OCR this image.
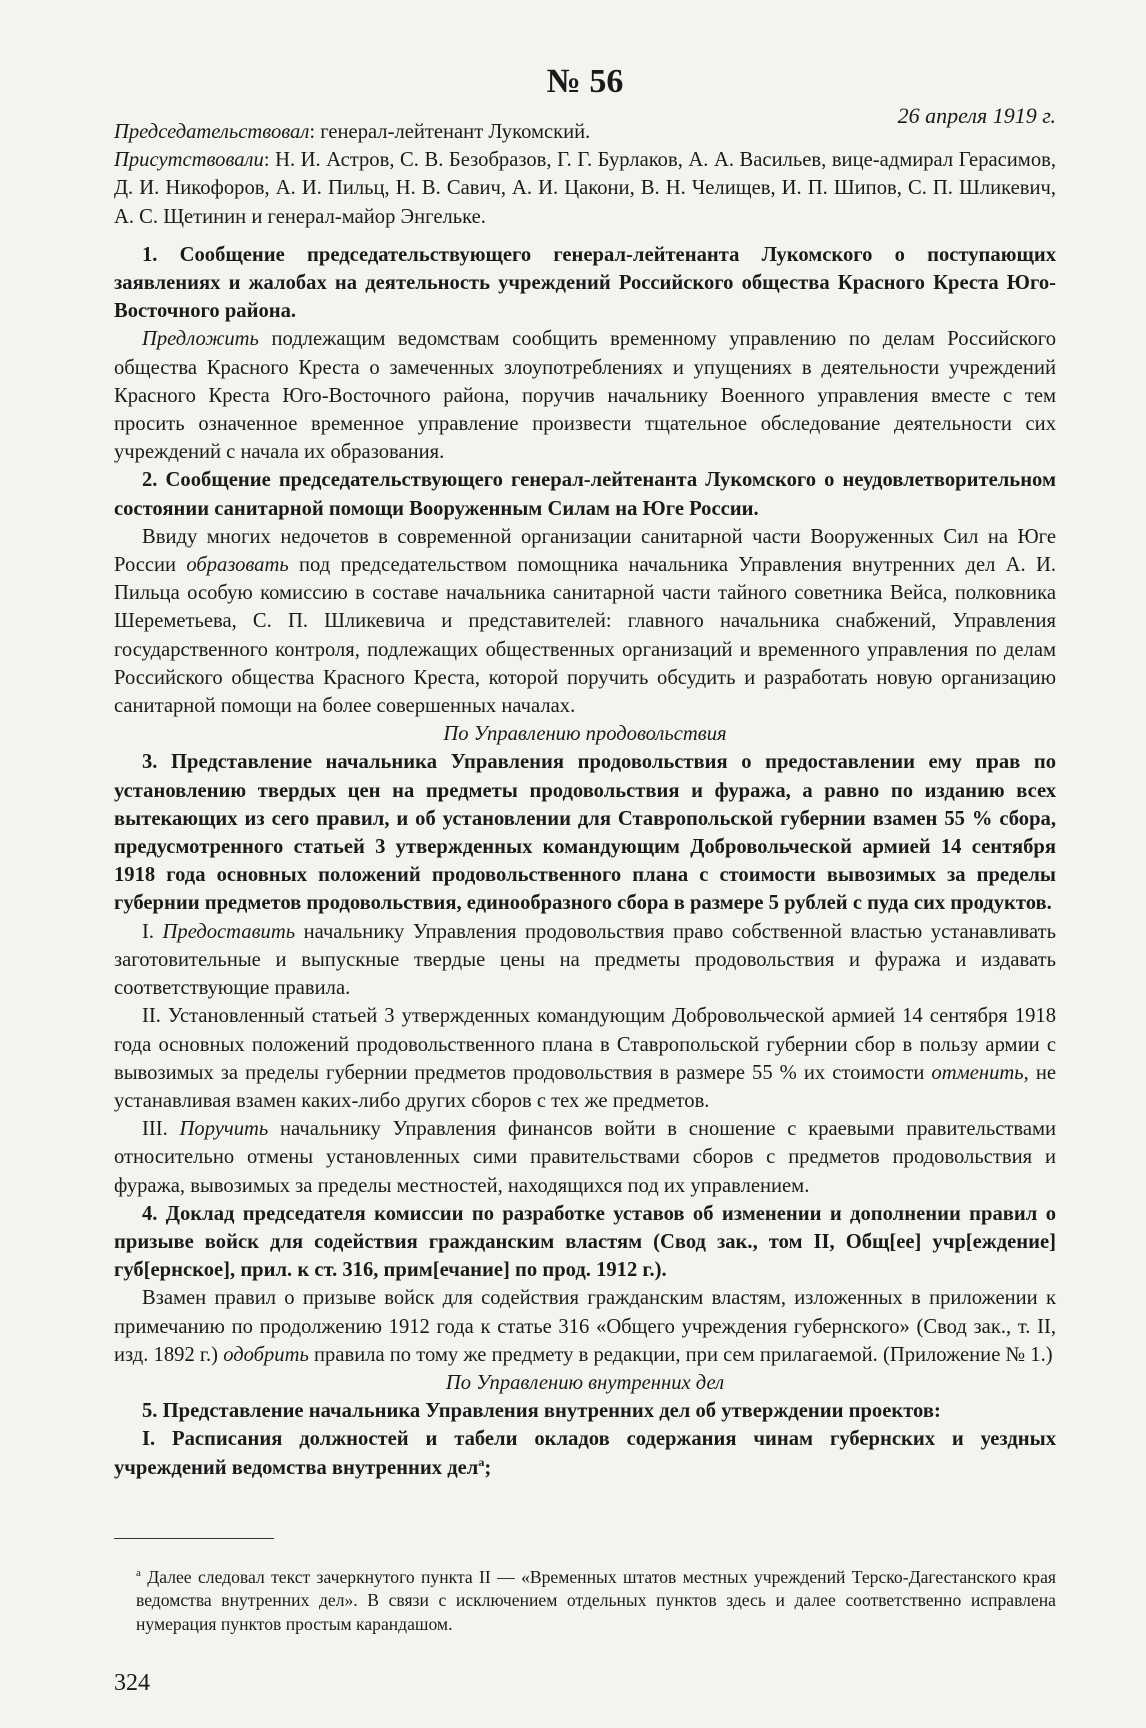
№ 56
26 апреля 1919 г.

Председательствовал: генерал-лейтенант Лукомский.

Присутствовали: Н. И. Астров, С. В. Безобразов, Г. Г. Бурлаков, А. А. Васильев, вице-адмирал Герасимов, Д. И. Никофоров, А. И. Пильц, Н. В. Савич, А. И. Цакони, В. Н. Челищев, И. П. Шипов, С. П. Шликевич, А. С. Щетинин и генерал-майор Энгельке.

1. Сообщение председательствующего генерал-лейтенанта Лукомского о поступающих заявлениях и жалобах на деятельность учреждений Российского общества Красного Креста Юго-Восточного района.

Предложить подлежащим ведомствам сообщить временному управлению по делам Российского общества Красного Креста о замеченных злоупотреблениях и упущениях в деятельности учреждений Красного Креста Юго-Восточного района, поручив начальнику Военного управления вместе с тем просить означенное временное управление произвести тщательное обследование деятельности сих учреждений с начала их образования.

2. Сообщение председательствующего генерал-лейтенанта Лукомского о неудовлетворительном состоянии санитарной помощи Вооруженным Силам на Юге России.

Ввиду многих недочетов в современной организации санитарной части Вооруженных Сил на Юге России образовать под председательством помощника начальника Управления внутренних дел А. И. Пильца особую комиссию в составе начальника санитарной части тайного советника Вейса, полковника Шереметьева, С. П. Шликевича и представителей: главного начальника снабжений, Управления государственного контроля, подлежащих общественных организаций и временного управления по делам Российского общества Красного Креста, которой поручить обсудить и разработать новую организацию санитарной помощи на более совершенных началах.

По Управлению продовольствия

3. Представление начальника Управления продовольствия о предоставлении ему прав по установлению твердых цен на предметы продовольствия и фуража, а равно по изданию всех вытекающих из сего правил, и об установлении для Ставропольской губернии взамен 55 % сбора, предусмотренного статьей 3 утвержденных командующим Добровольческой армией 14 сентября 1918 года основных положений продовольственного плана с стоимости вывозимых за пределы губернии предметов продовольствия, единообразного сбора в размере 5 рублей с пуда сих продуктов.

I. Предоставить начальнику Управления продовольствия право собственной властью устанавливать заготовительные и выпускные твердые цены на предметы продовольствия и фуража и издавать соответствующие правила.

II. Установленный статьей 3 утвержденных командующим Добровольческой армией 14 сентября 1918 года основных положений продовольственного плана в Ставропольской губернии сбор в пользу армии с вывозимых за пределы губернии предметов продовольствия в размере 55 % их стоимости отменить, не устанавливая взамен каких-либо других сборов с тех же предметов.

III. Поручить начальнику Управления финансов войти в сношение с краевыми правительствами относительно отмены установленных сими правительствами сборов с предметов продовольствия и фуража, вывозимых за пределы местностей, находящихся под их управлением.

4. Доклад председателя комиссии по разработке уставов об изменении и дополнении правил о призыве войск для содействия гражданским властям (Свод зак., том II, Общ[ее] учр[еждение] губ[ернское], прил. к ст. 316, прим[ечание] по прод. 1912 г.).

Взамен правил о призыве войск для содействия гражданским властям, изложенных в приложении к примечанию по продолжению 1912 года к статье 316 «Общего учреждения губернского» (Свод зак., т. II, изд. 1892 г.) одобрить правила по тому же предмету в редакции, при сем прилагаемой. (Приложение № 1.)

По Управлению внутренних дел

5. Представление начальника Управления внутренних дел об утверждении проектов:

I. Расписания должностей и табели окладов содержания чинам губернских и уездных учреждений ведомства внутренних дел$^а$;

$^а$ Далее следовал текст зачеркнутого пункта II — «Временных штатов местных учреждений Терско-Дагестанского края ведомства внутренних дел». В связи с исключением отдельных пунктов здесь и далее соответственно исправлена нумерация пунктов простым карандашом.

324
